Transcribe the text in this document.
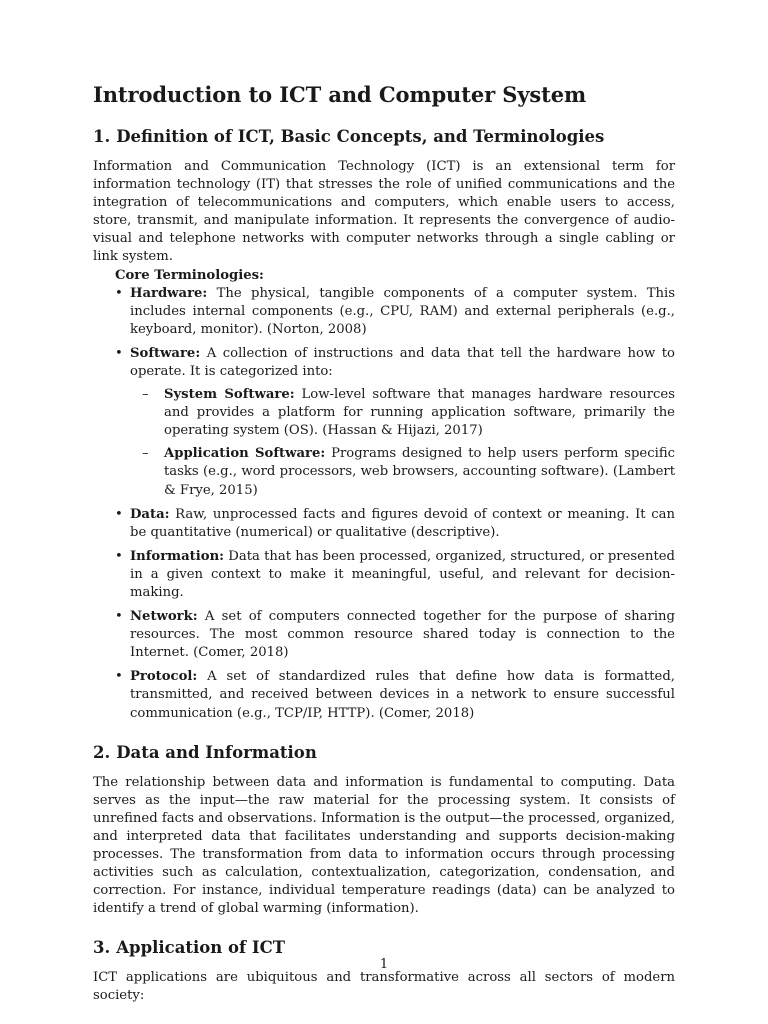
Introduction to ICT and Computer System
1. Definition of ICT, Basic Concepts, and Terminologies

Information and Communication Technology (ICT) is an extensional term for information technology (IT) that stresses the role of unified communications and the integration of telecommunications and computers, which enable users to access, store, transmit, and manipulate information. It represents the convergence of audio-visual and telephone networks with computer networks through a single cabling or link system.

Core Terminologies:
• Hardware: The physical, tangible components of a computer system. This includes internal components (e.g., CPU, RAM) and external peripherals (e.g., keyboard, monitor). (Norton, 2008)
• Software: A collection of instructions and data that tell the hardware how to operate. It is categorized into:
– System Software: Low-level software that manages hardware resources and provides a platform for running application software, primarily the operating system (OS). (Hassan & Hijazi, 2017)
– Application Software: Programs designed to help users perform specific tasks (e.g., word processors, web browsers, accounting software). (Lambert & Frye, 2015)
• Data: Raw, unprocessed facts and figures devoid of context or meaning. It can be quantitative (numerical) or qualitative (descriptive).
• Information: Data that has been processed, organized, structured, or presented in a given context to make it meaningful, useful, and relevant for decision-making.
• Network: A set of computers connected together for the purpose of sharing resources. The most common resource shared today is connection to the Internet. (Comer, 2018)
• Protocol: A set of standardized rules that define how data is formatted, transmitted, and received between devices in a network to ensure successful communication (e.g., TCP/IP, HTTP). (Comer, 2018)
2. Data and Information

The relationship between data and information is fundamental to computing. Data serves as the input—the raw material for the processing system. It consists of unrefined facts and observations. Information is the output—the processed, organized, and interpreted data that facilitates understanding and supports decision-making processes. The transformation from data to information occurs through processing activities such as calculation, contextualization, categorization, condensation, and correction. For instance, individual temperature readings (data) can be analyzed to identify a trend of global warming (information).

3. Application of ICT

ICT applications are ubiquitous and transformative across all sectors of modern society:

1
